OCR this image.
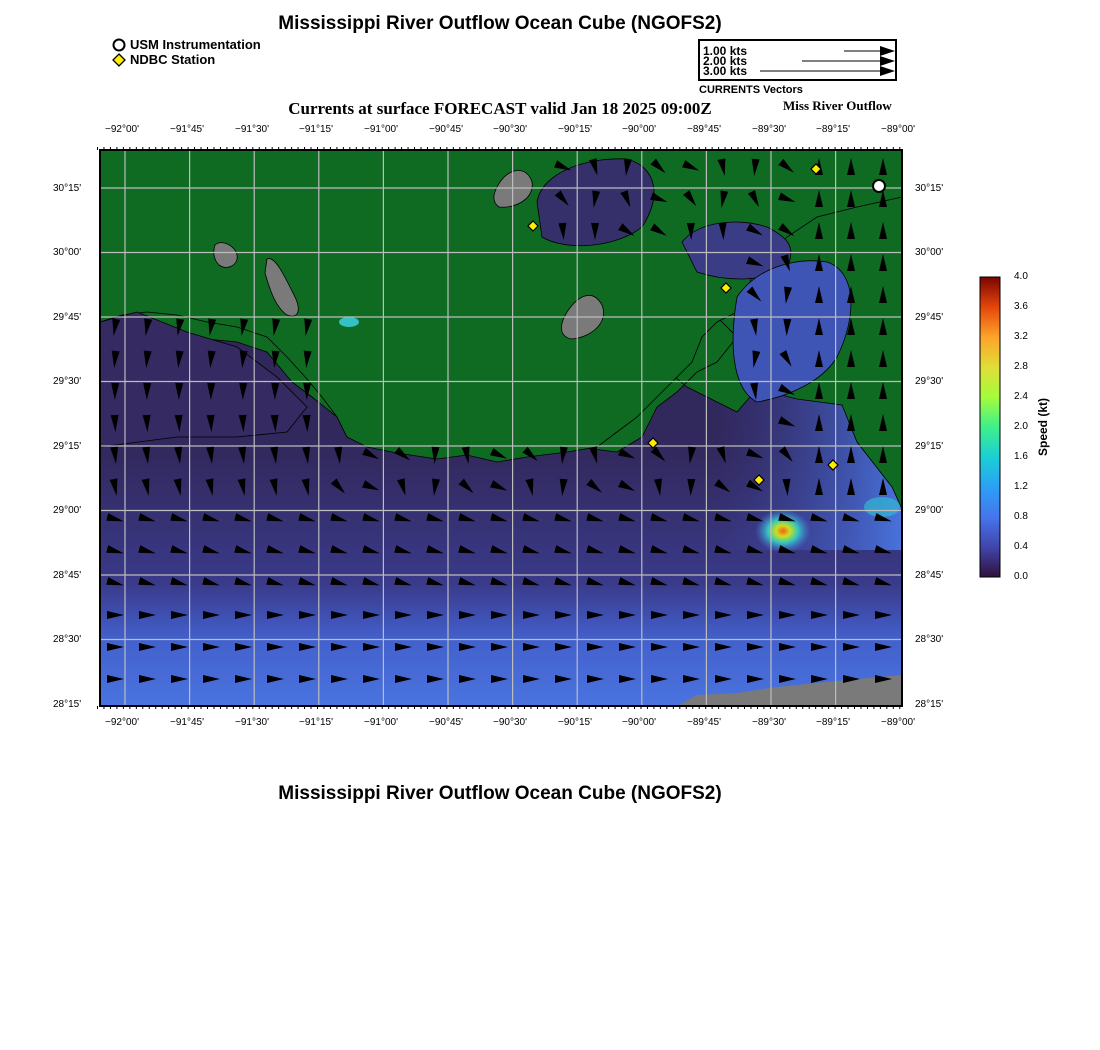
Mississippi River Outflow Ocean Cube (NGOFS2)
Mississippi River Outflow Ocean Cube (NGOFS2)
USM Instrumentation
NDBC Station
1.00 kts
2.00 kts
3.00 kts
CURRENTS Vectors
Currents at surface FORECAST valid Jan 18 2025 09:00Z	Miss River Outflow
−92°00'	−91°45'	−91°30'	−91°15'	−91°00'	−90°45'	−90°30'	−90°15'	−90°00'	−89°45'	−89°30'	−89°15'	−89°00'
−92°00'	−91°45'	−91°30'	−91°15'	−91°00'	−90°45'	−90°30'	−90°15'	−90°00'	−89°45'	−89°30'	−89°15'	−89°00'
30°15'
30°00'
29°45'
29°30'
29°15'
29°00'
28°45'
28°30'
28°15'
30°15'
30°00'
29°45'
29°30'
29°15'
29°00'
28°45'
28°30'
28°15'
4.0
3.6
3.2
2.8
2.4
2.0
1.6
1.2
0.8
0.4
0.0
Speed (kt)
